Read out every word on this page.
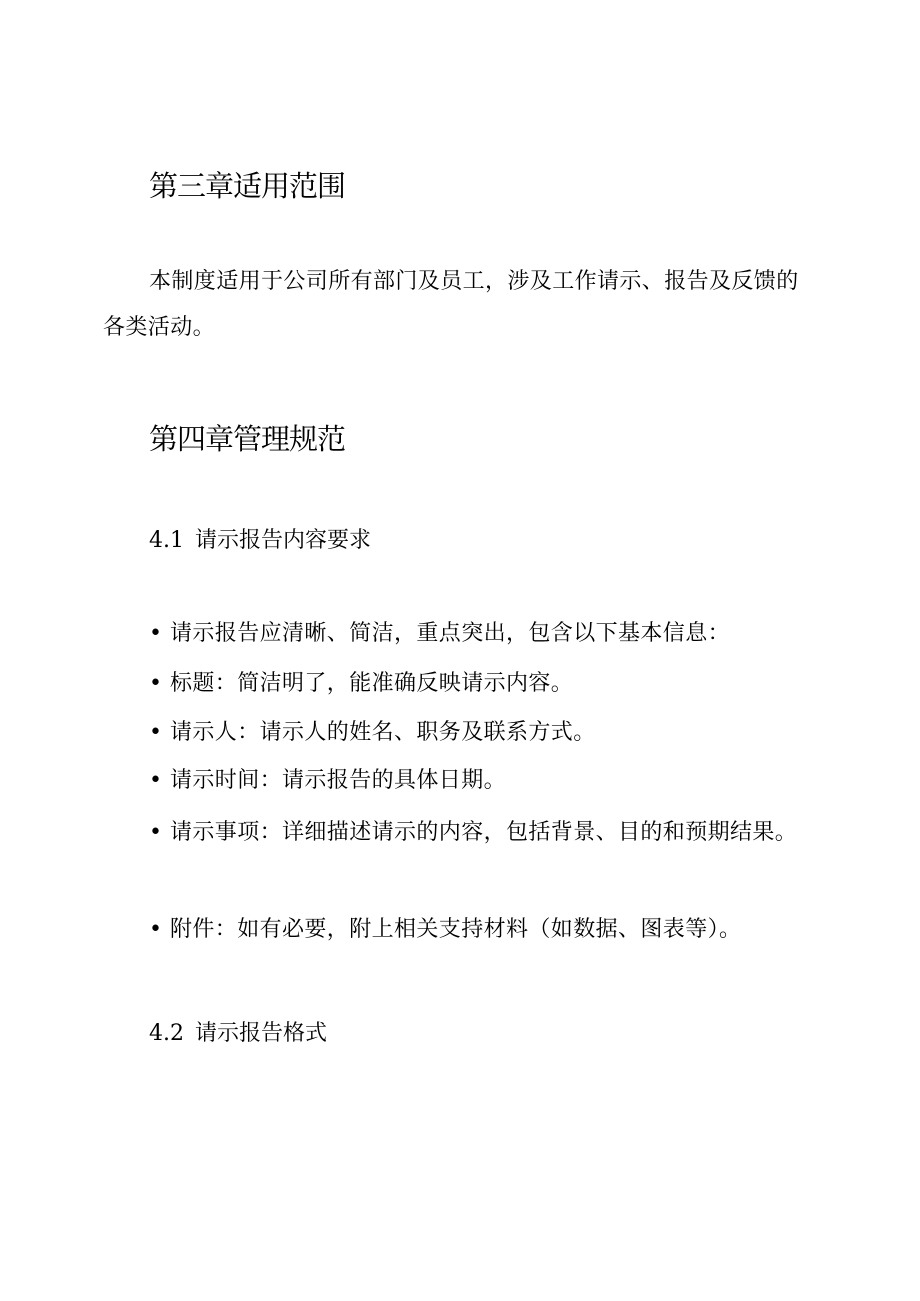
第三章适用范围

本制度适用于公司所有部门及员工，涉及工作请示、报告及反馈的各类活动。

第四章管理规范
4.1 请示报告内容要求

• 请示报告应清晰、简洁，重点突出，包含以下基本信息：

• 标题：简洁明了，能准确反映请示内容。

• 请示人：请示人的姓名、职务及联系方式。

• 请示时间：请示报告的具体日期。

• 请示事项：详细描述请示的内容，包括背景、目的和预期结果。

• 附件：如有必要，附上相关支持材料（如数据、图表等）。

4.2 请示报告格式
